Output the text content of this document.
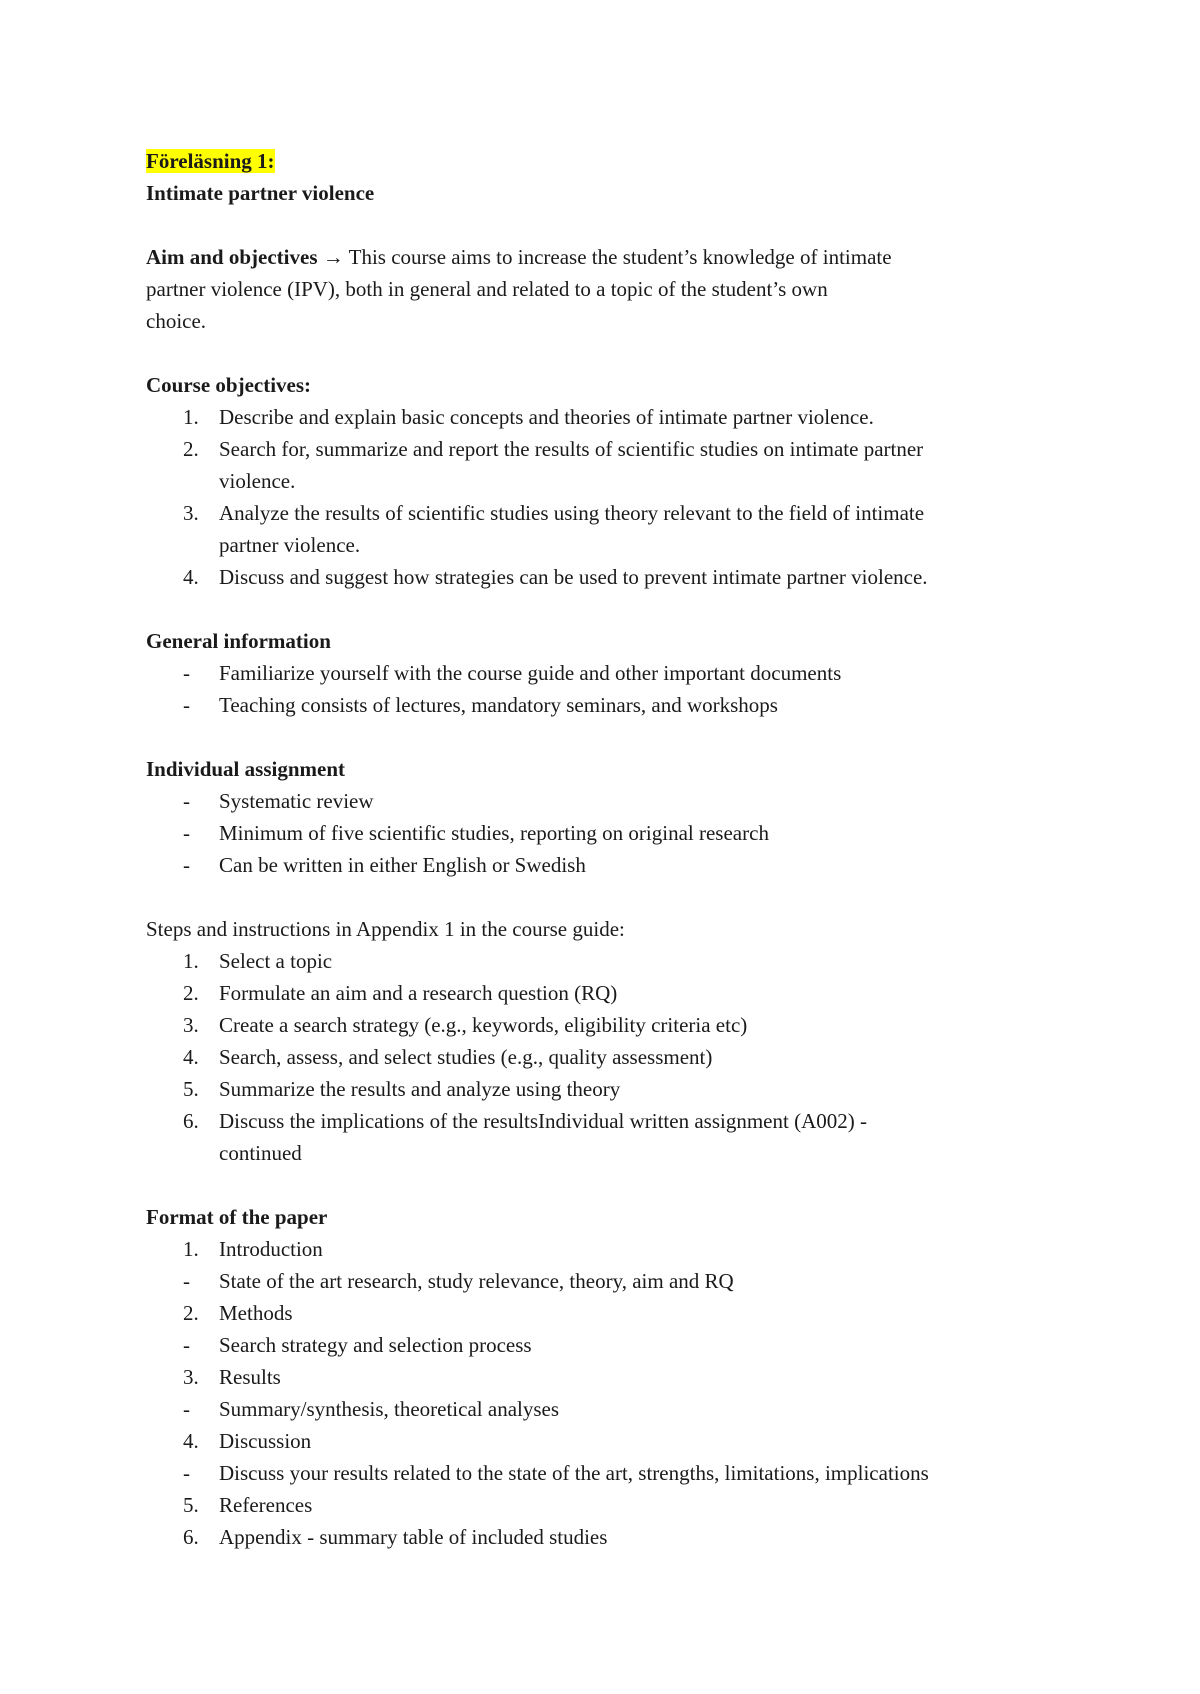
Föreläsning 1:

Intimate partner violence

Aim and objectives → This course aims to increase the student’s knowledge of intimate

partner violence (IPV), both in general and related to a topic of the student’s own

choice.

Course objectives:

1. Describe and explain basic concepts and theories of intimate partner violence.
2. Search for, summarize and report the results of scientific studies on intimate partner
violence.
3. Analyze the results of scientific studies using theory relevant to the field of intimate
partner violence.
4. Discuss and suggest how strategies can be used to prevent intimate partner violence.

General information

-	Familiarize yourself with the course guide and other important documents
-	Teaching consists of lectures, mandatory seminars, and workshops

Individual assignment

-	Systematic review
-	Minimum of five scientific studies, reporting on original research
-	Can be written in either English or Swedish

Steps and instructions in Appendix 1 in the course guide:

1. Select a topic
2. Formulate an aim and a research question (RQ)
3. Create a search strategy (e.g., keywords, eligibility criteria etc)
4. Search, assess, and select studies (e.g., quality assessment)
5. Summarize the results and analyze using theory
6. Discuss the implications of the resultsIndividual written assignment (A002) -
continued

Format of the paper

1. Introduction
-	State of the art research, study relevance, theory, aim and RQ
2. Methods
-	Search strategy and selection process
3. Results
-	Summary/synthesis, theoretical analyses
4. Discussion
-	Discuss your results related to the state of the art, strengths, limitations, implications
5. References
6. Appendix - summary table of included studies
